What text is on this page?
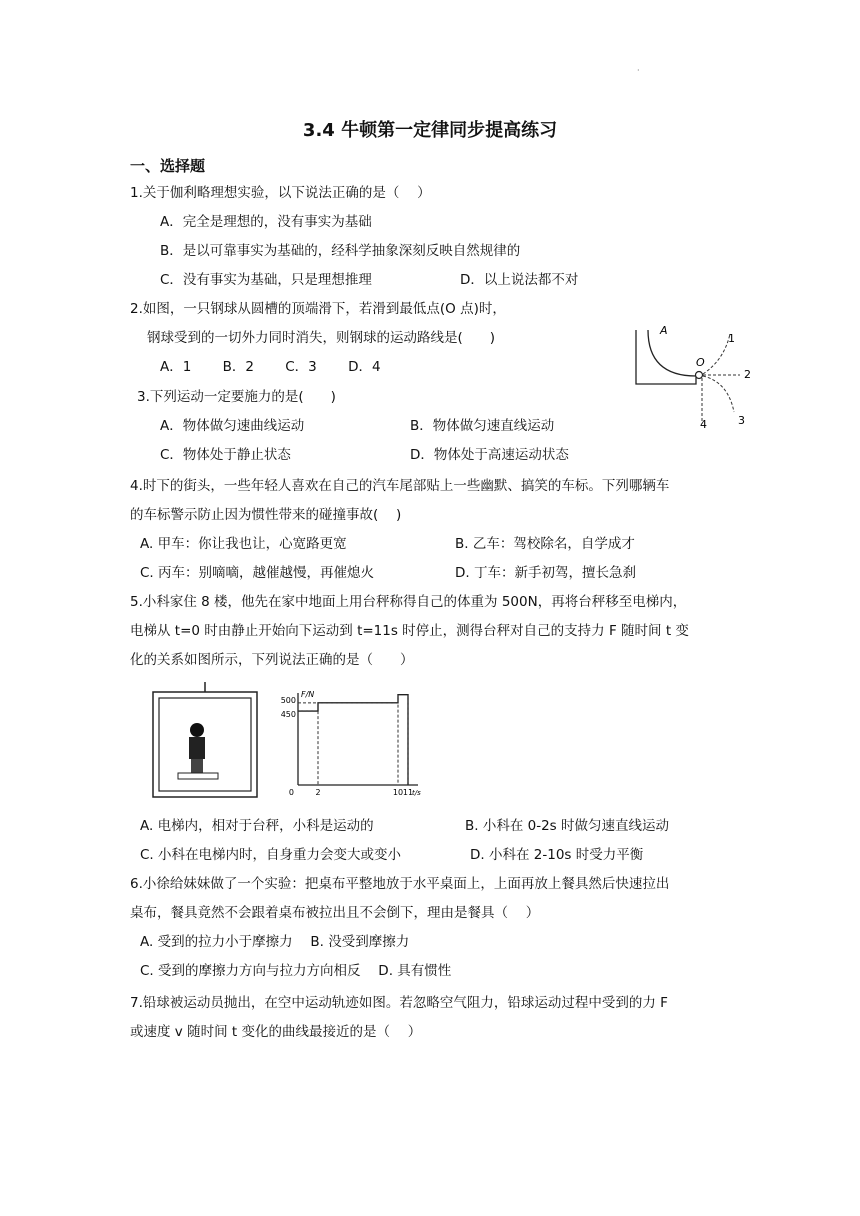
·
3.4 牛顿第一定律同步提高练习
一、选择题
1.关于伽利略理想实验，以下说法正确的是（　 ）
A．完全是理想的，没有事实为基础
B．是以可靠事实为基础的，经科学抽象深刻反映自然规律的
C．没有事实为基础，只是理想推理	D．以上说法都不对
2.如图，一只钢球从圆槽的顶端滑下，若滑到最低点(O 点)时，
钢球受到的一切外力同时消失，则钢球的运动路线是(　　)
A．1　　 B．2　　 C．3　　 D．4
A
O
1
2
3
4
3.下列运动一定要施力的是(　　)
A．物体做匀速曲线运动	B．物体做匀速直线运动
C．物体处于静止状态	D．物体处于高速运动状态
4.时下的街头，一些年轻人喜欢在自己的汽车尾部贴上一些幽默、搞笑的车标。下列哪辆车
的车标警示防止因为惯性带来的碰撞事故(　 )
A. 甲车：你让我也让，心宽路更宽	B. 乙车：驾校除名，自学成才
C. 丙车：别嘀嘀，越催越慢，再催熄火	D. 丁车：新手初驾，擅长急刹
5.小科家住 8 楼，他先在家中地面上用台秤称得自己的体重为 500N，再将台秤移至电梯内，
电梯从 t=0 时由静止开始向下运动到 t=11s 时停止，测得台秤对自己的支持力 F 随时间 t 变
化的关系如图所示，下列说法正确的是（　　）
500
450
2	10 11
0
F/N
t/s
A. 电梯内，相对于台秤，小科是运动的	B. 小科在 0-2s 时做匀速直线运动
C. 小科在电梯内时，自身重力会变大或变小	D. 小科在 2-10s 时受力平衡
6.小徐给妹妹做了一个实验：把桌布平整地放于水平桌面上，上面再放上餐具然后快速拉出
桌布，餐具竟然不会跟着桌布被拉出且不会倒下，理由是餐具（　 ）
A. 受到的拉力小于摩擦力　 B. 没受到摩擦力
C. 受到的摩擦力方向与拉力方向相反　 D. 具有惯性
7.铅球被运动员抛出，在空中运动轨迹如图。若忽略空气阻力，铅球运动过程中受到的力 F
或速度 v 随时间 t 变化的曲线最接近的是（　 ）
